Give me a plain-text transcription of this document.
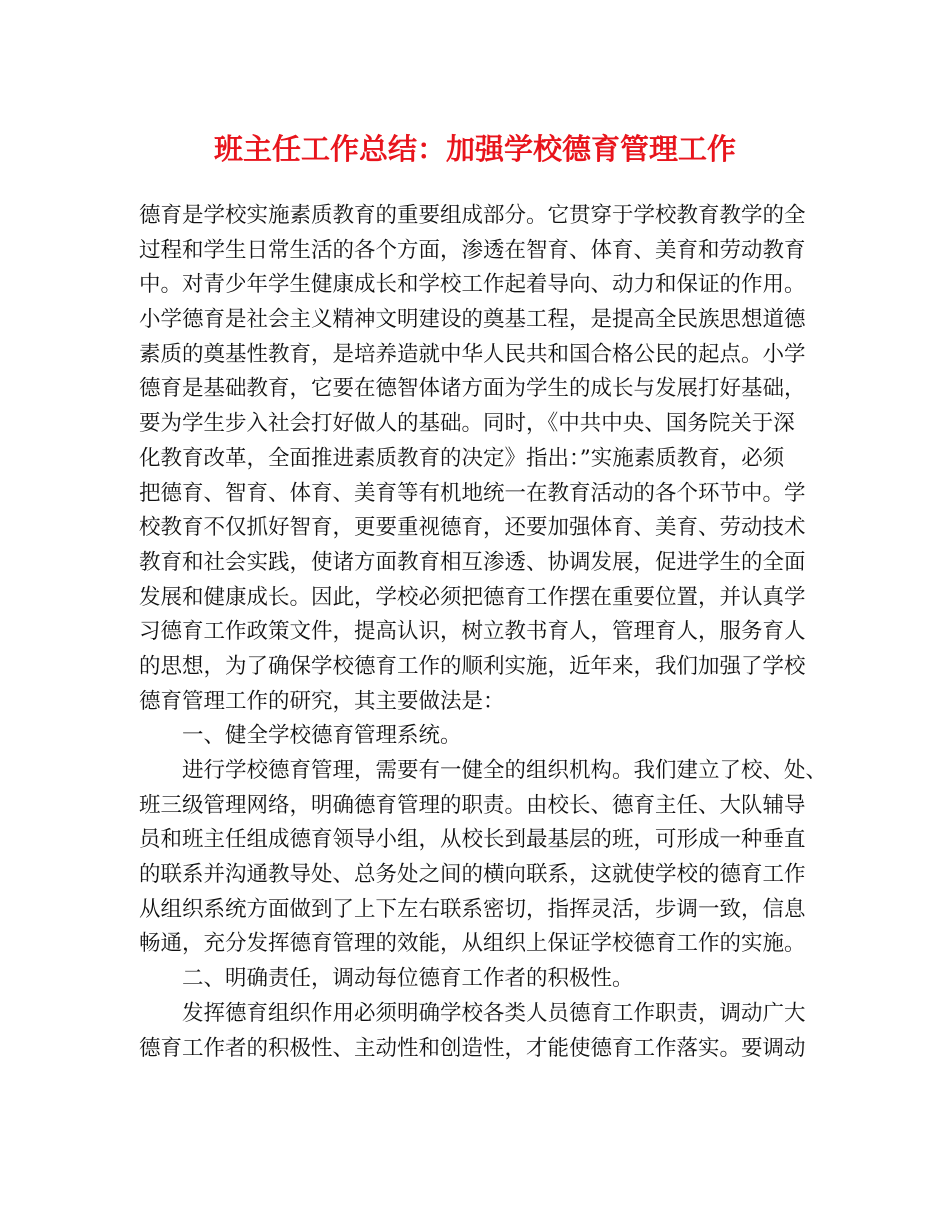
班主任工作总结：加强学校德育管理工作
德育是学校实施素质教育的重要组成部分。它贯穿于学校教育教学的全
过程和学生日常生活的各个方面，渗透在智育、体育、美育和劳动教育
中。对青少年学生健康成长和学校工作起着导向、动力和保证的作用。
小学德育是社会主义精神文明建设的奠基工程，是提高全民族思想道德
素质的奠基性教育，是培养造就中华人民共和国合格公民的起点。小学
德育是基础教育，它要在德智体诸方面为学生的成长与发展打好基础，
要为学生步入社会打好做人的基础。同时，《中共中央、国务院关于深
化教育改革，全面推进素质教育的决定》指出：”实施素质教育，必须
把德育、智育、体育、美育等有机地统一在教育活动的各个环节中。学
校教育不仅抓好智育，更要重视德育，还要加强体育、美育、劳动技术
教育和社会实践，使诸方面教育相互渗透、协调发展，促进学生的全面
发展和健康成长。因此，学校必须把德育工作摆在重要位置，并认真学
习德育工作政策文件，提高认识，树立教书育人，管理育人，服务育人
的思想，为了确保学校德育工作的顺利实施，近年来，我们加强了学校
德育管理工作的研究，其主要做法是：
一、健全学校德育管理系统。
进行学校德育管理，需要有一健全的组织机构。我们建立了校、处、
班三级管理网络，明确德育管理的职责。由校长、德育主任、大队辅导
员和班主任组成德育领导小组，从校长到最基层的班，可形成一种垂直
的联系并沟通教导处、总务处之间的横向联系，这就使学校的德育工作
从组织系统方面做到了上下左右联系密切，指挥灵活，步调一致，信息
畅通，充分发挥德育管理的效能，从组织上保证学校德育工作的实施。
二、明确责任，调动每位德育工作者的积极性。
发挥德育组织作用必须明确学校各类人员德育工作职责，调动广大
德育工作者的积极性、主动性和创造性，才能使德育工作落实。要调动
